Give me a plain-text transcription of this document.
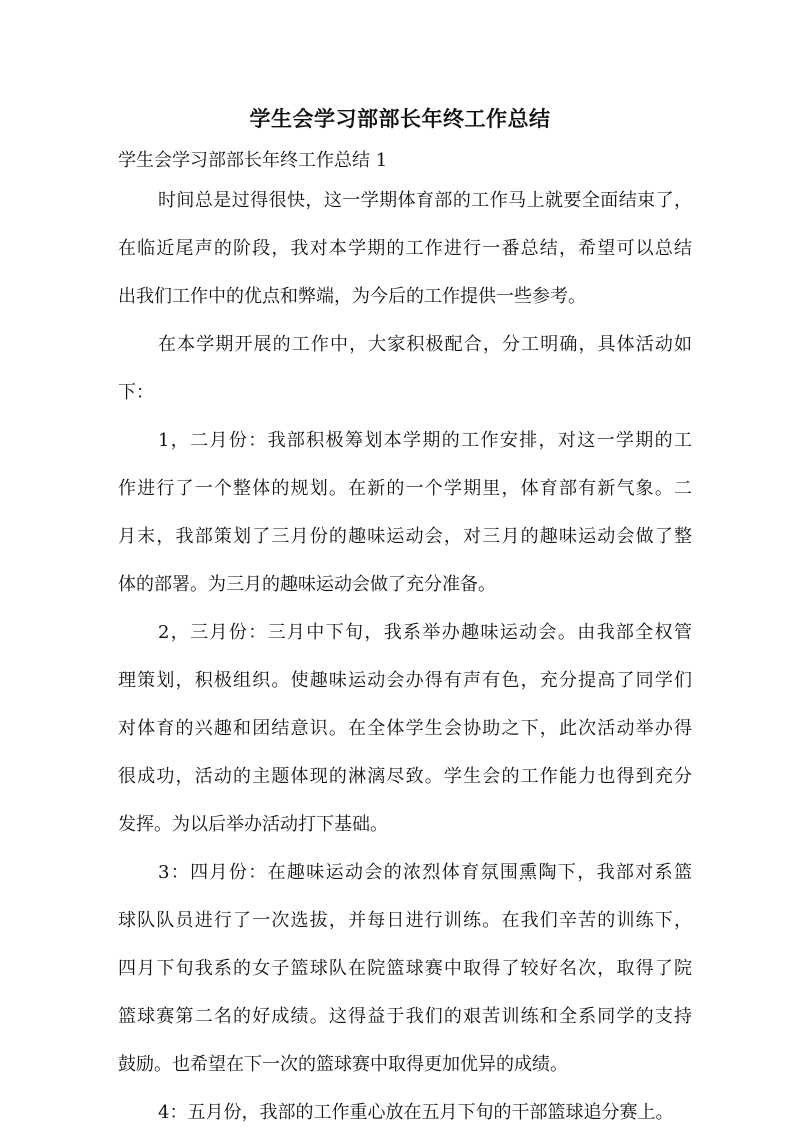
学生会学习部部长年终工作总结
学生会学习部部长年终工作总结 1
时间总是过得很快，这一学期体育部的工作马上就要全面结束了，
在临近尾声的阶段，我对本学期的工作进行一番总结，希望可以总结
出我们工作中的优点和弊端，为今后的工作提供一些参考。
在本学期开展的工作中，大家积极配合，分工明确，具体活动如
下：
1，二月份：我部积极筹划本学期的工作安排，对这一学期的工
作进行了一个整体的规划。在新的一个学期里，体育部有新气象。二
月末，我部策划了三月份的趣味运动会，对三月的趣味运动会做了整
体的部署。为三月的趣味运动会做了充分准备。
2，三月份：三月中下旬，我系举办趣味运动会。由我部全权管
理策划，积极组织。使趣味运动会办得有声有色，充分提高了同学们
对体育的兴趣和团结意识。在全体学生会协助之下，此次活动举办得
很成功，活动的主题体现的淋漓尽致。学生会的工作能力也得到充分
发挥。为以后举办活动打下基础。
3：四月份：在趣味运动会的浓烈体育氛围熏陶下，我部对系篮
球队队员进行了一次选拔，并每日进行训练。在我们辛苦的训练下，
四月下旬我系的女子篮球队在院篮球赛中取得了较好名次，取得了院
篮球赛第二名的好成绩。这得益于我们的艰苦训练和全系同学的支持
鼓励。也希望在下一次的篮球赛中取得更加优异的成绩。
4：五月份，我部的工作重心放在五月下旬的干部篮球追分赛上。
